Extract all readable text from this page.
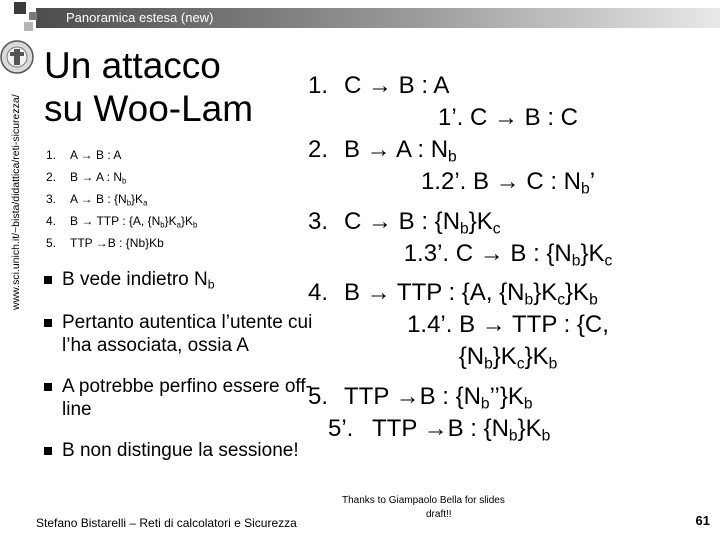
Panoramica estesa (new)
www.sci.unich.it/~bista/didattica/reti-sicurezza/
Un attacco
su Woo-Lam
1.	A → B : A
2.	B → A : $N_b$
3.	A → B : $\{N_b\}K_a$
4.	B → TTP : {A, $\{N_b\}K_a\}K_b$
5.	TTP →B : {Nb}Kb
B vede indietro $N_b$
Pertanto autentica l’utente cui l’ha associata, ossia A
A potrebbe perfino essere off-line
B non distingue la sessione!
1. C → B : A
1’. C → B : C
2. B → A : $N_b$
1.2’. B → C : $N_b$’
3. C → B : $\{N_b\}K_c$
1.3’. C → B : $\{N_b\}K_c$
4. B → TTP : {A, $\{N_b\}K_c\}K_b$
1.4’. B → TTP : {C,
$\{N_b\}K_c\}K_b$
5. TTP →B : $\{N_b’’\}K_b$
5’. TTP →B : $\{N_b\}K_b$
Thanks to Giampaolo Bella for slides
draft!!
Stefano Bistarelli – Reti di calcolatori e Sicurezza	61
